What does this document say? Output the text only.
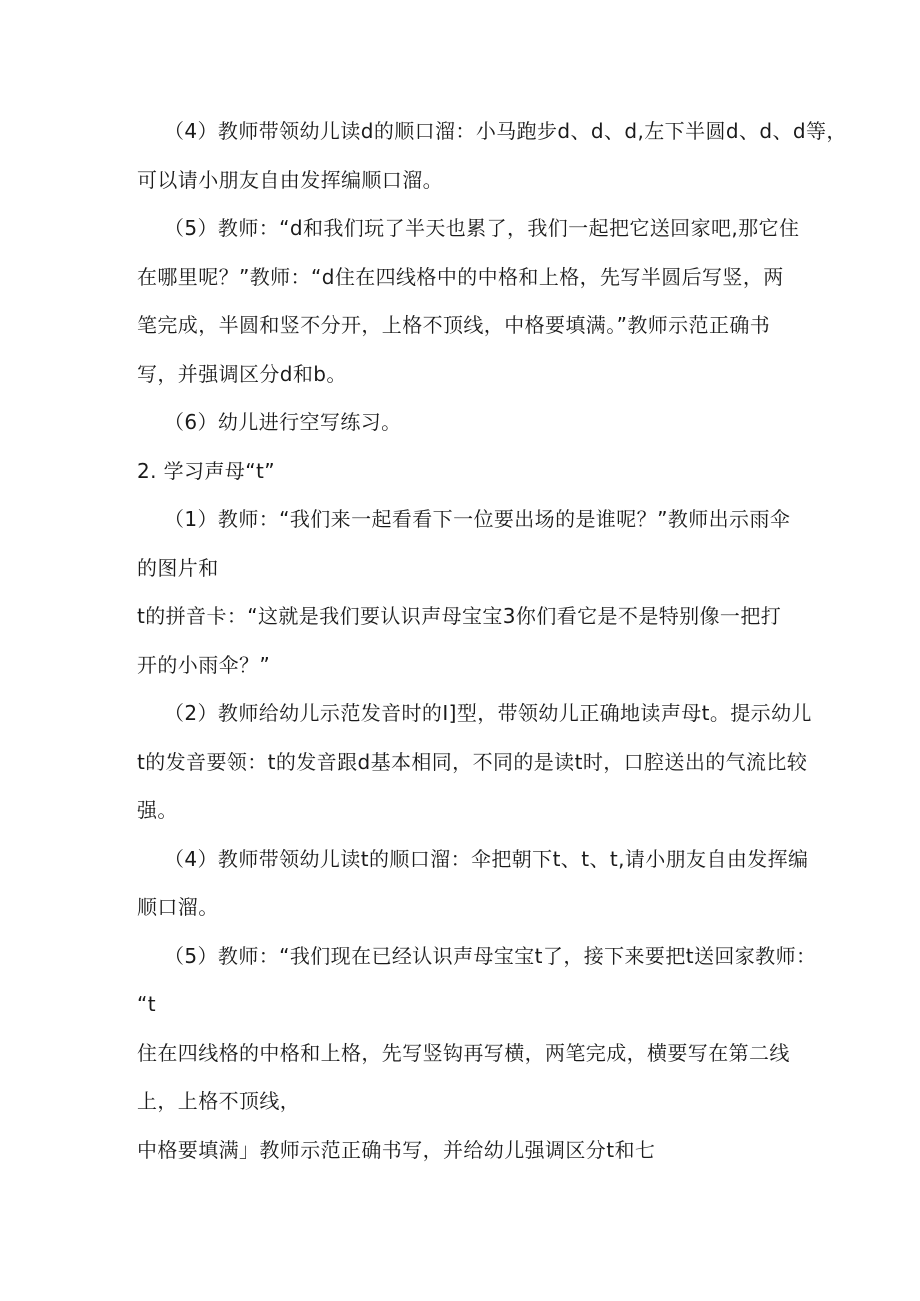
（4）教师带领幼儿读d的顺口溜：小马跑步d、d、d,左下半圆d、d、d等，
可以请小朋友自由发挥编顺口溜。
（5）教师：“d和我们玩了半天也累了，我们一起把它送回家吧,那它住
在哪里呢？”教师：“d住在四线格中的中格和上格，先写半圆后写竖，两
笔完成，半圆和竖不分开，上格不顶线，中格要填满。”教师示范正确书
写，并强调区分d和b。
（6）幼儿进行空写练习。
2. 学习声母“t”
（1）教师：“我们来一起看看下一位要出场的是谁呢？”教师出示雨伞
的图片和
t的拼音卡：“这就是我们要认识声母宝宝3你们看它是不是特别像一把打
开的小雨伞？”
（2）教师给幼儿示范发音时的I]型，带领幼儿正确地读声母t。提示幼儿
t的发音要领：t的发音跟d基本相同，不同的是读t时，口腔送出的气流比较
强。
（4）教师带领幼儿读t的顺口溜：伞把朝下t、t、t,请小朋友自由发挥编
顺口溜。
（5）教师：“我们现在已经认识声母宝宝t了，接下来要把t送回家教师：
“t
住在四线格的中格和上格，先写竖钩再写横，两笔完成，横要写在第二线
上，上格不顶线，
中格要填满」教师示范正确书写，并给幼儿强调区分t和七
